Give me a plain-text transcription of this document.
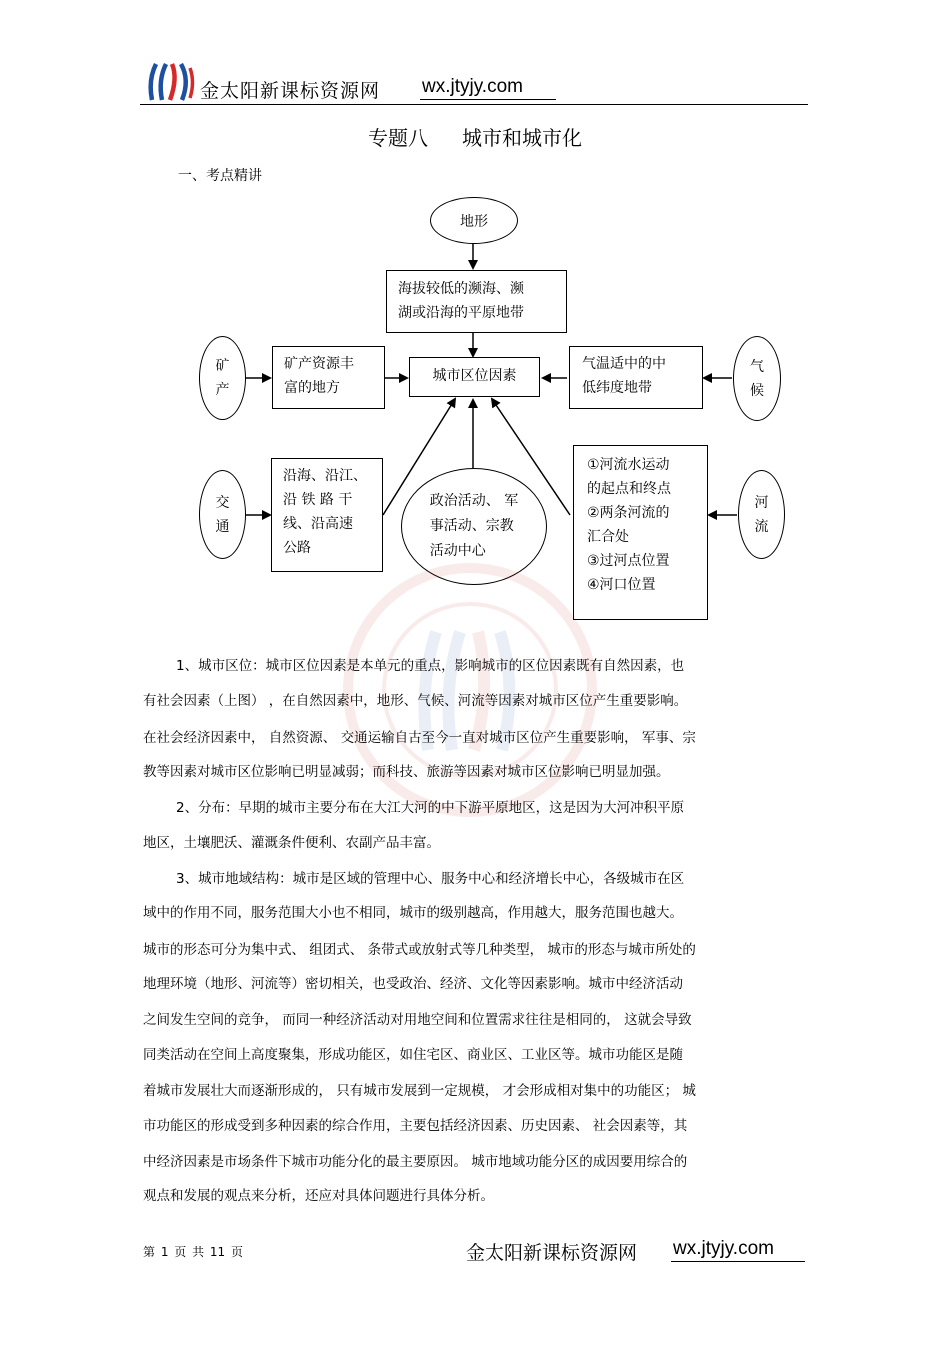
金太阳新课标资源网 wx.jtyjy.com
专题八 城市和城市化
一、考点精讲
地形
海拔较低的濒海、濒
湖或沿海的平原地带
城市区位因素
矿
产
矿产资源丰
富的地方
气温适中的中
低纬度地带
气
候
交
通
沿海、沿江、
沿 铁 路 干
线、沿高速
公路
政治活动、 军
事活动、宗教
活动中心
①河流水运动
的起点和终点
②两条河流的
汇合处
③过河点位置
④河口位置
河
流
1、城市区位：城市区位因素是本单元的重点，影响城市的区位因素既有自然因素，也
有社会因素（上图） ，在自然因素中，地形、气候、河流等因素对城市区位产生重要影响。
在社会经济因素中， 自然资源、 交通运输自古至今一直对城市区位产生重要影响， 军事、宗
教等因素对城市区位影响已明显减弱；而科技、旅游等因素对城市区位影响已明显加强。
2、分布：早期的城市主要分布在大江大河的中下游平原地区，这是因为大河冲积平原
地区，土壤肥沃、灌溉条件便利、农副产品丰富。
3、城市地域结构：城市是区域的管理中心、服务中心和经济增长中心，各级城市在区
域中的作用不同，服务范围大小也不相同，城市的级别越高，作用越大，服务范围也越大。
城市的形态可分为集中式、 组团式、 条带式或放射式等几种类型， 城市的形态与城市所处的
地理环境（地形、河流等）密切相关，也受政治、经济、文化等因素影响。城市中经济活动
之间发生空间的竞争， 而同一种经济活动对用地空间和位置需求往往是相同的， 这就会导致
同类活动在空间上高度聚集，形成功能区，如住宅区、商业区、工业区等。城市功能区是随
着城市发展壮大而逐渐形成的， 只有城市发展到一定规模， 才会形成相对集中的功能区； 城
市功能区的形成受到多种因素的综合作用，主要包括经济因素、历史因素、 社会因素等，其
中经济因素是市场条件下城市功能分化的最主要原因。 城市地域功能分区的成因要用综合的
观点和发展的观点来分析，还应对具体问题进行具体分析。
第 1 页 共 11 页	金太阳新课标资源网 wx.jtyjy.com
